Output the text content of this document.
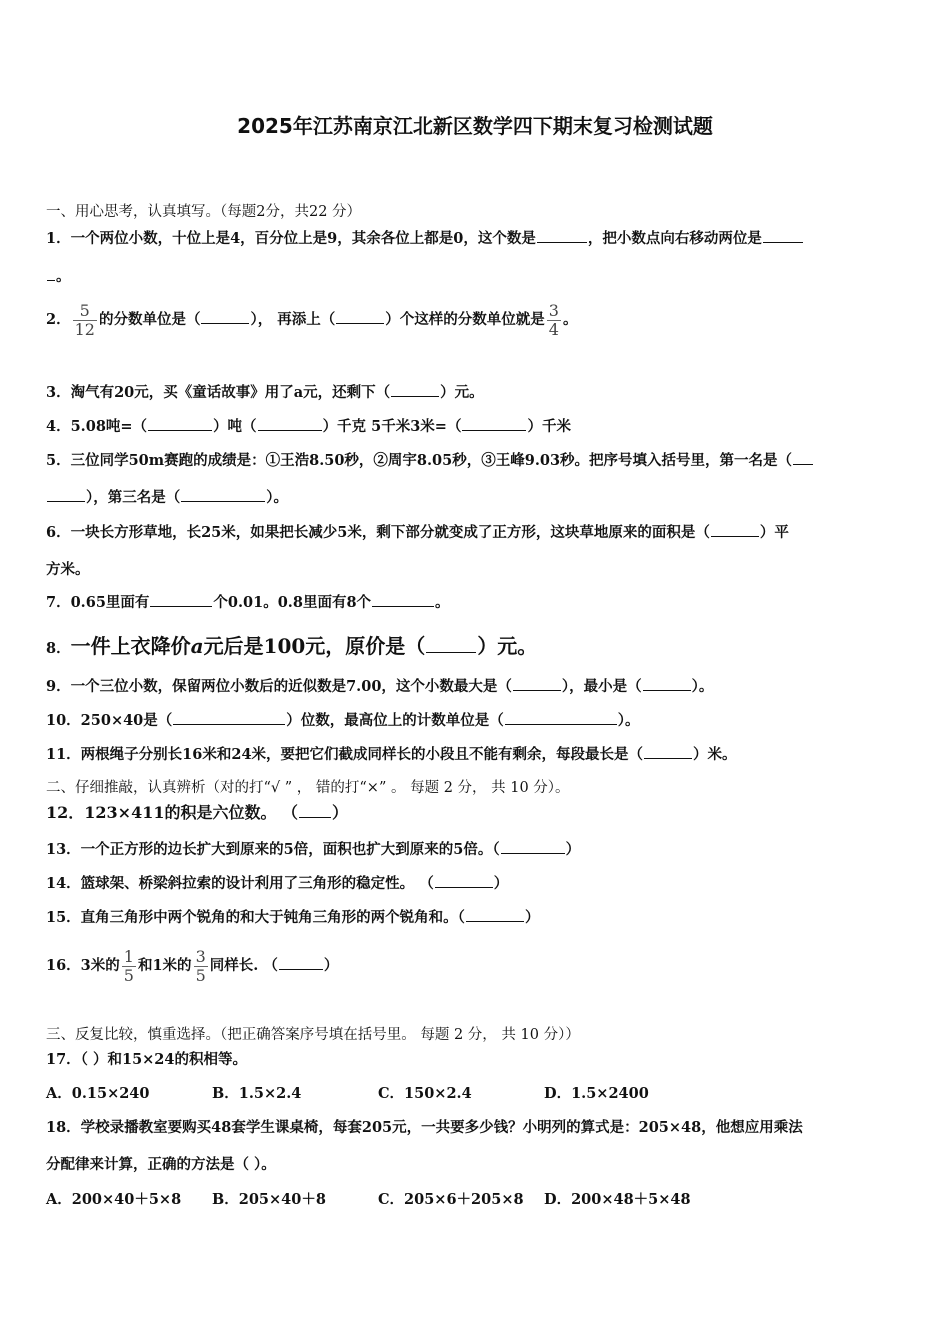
2025年江苏南京江北新区数学四下期末复习检测试题
一、用心思考，认真填写。（每题2分，共22 分）
1．一个两位小数，十位上是4，百分位上是9，其余各位上都是0，这个数是	，把小数点向右移动两位是
。
2． $\frac{5}{12}$ 的分数单位是（	）， 再添上（	）个这样的分数单位就是 $\frac{3}{4}$ 。
3．淘气有20元，买《童话故事》用了a元，还剩下（	）元。
4．5.08吨=（	）吨（	）千克 5千米3米=（	）千米
5．三位同学50m赛跑的成绩是：①王浩8.50秒，②周宇8.05秒，③王峰9.03秒。把序号填入括号里，第一名是（
），第三名是（	）。
6．一块长方形草地，长25米，如果把长减少5米，剩下部分就变成了正方形，这块草地原来的面积是（	）平
方米。
7．0.65里面有	个0.01。0.8里面有8个	。
8．一件上衣降价a元后是100元，原价是（	）元。
9．一个三位小数，保留两位小数后的近似数是7.00，这个小数最大是（	），最小是（	）。
10．250×40是（	）位数，最高位上的计数单位是（	）。
11．两根绳子分别长16米和24米，要把它们截成同样长的小段且不能有剩余，每段最长是（	）米。
二、仔细推敲，认真辨析（对的打“√ ” ， 错的打“×” 。 每题 2 分， 共 10 分）。
12．123×411的积是六位数。 （ ）
13．一个正方形的边长扩大到原来的5倍，面积也扩大到原来的5倍。（	）
14．篮球架、桥梁斜拉索的设计利用了三角形的稳定性。 （	）
15．直角三角形中两个锐角的和大于钝角三角形的两个锐角和。（	）
16．3米的 $\frac{1}{5}$ 和1米的 $\frac{3}{5}$ 同样长. （	）
三、反复比较，慎重选择。（把正确答案序号填在括号里。 每题 2 分， 共 10 分））
17．（ ）和15×24的积相等。
A．0.15×240	B．1.5×2.4	C．150×2.4	D．1.5×2400
18．学校录播教室要购买48套学生课桌椅，每套205元，一共要多少钱？小明列的算式是：205×48，他想应用乘法
分配律来计算，正确的方法是（ ）。
A．200×40＋5×8 B．205×40＋8	C．205×6＋205×8 D．200×48＋5×48
